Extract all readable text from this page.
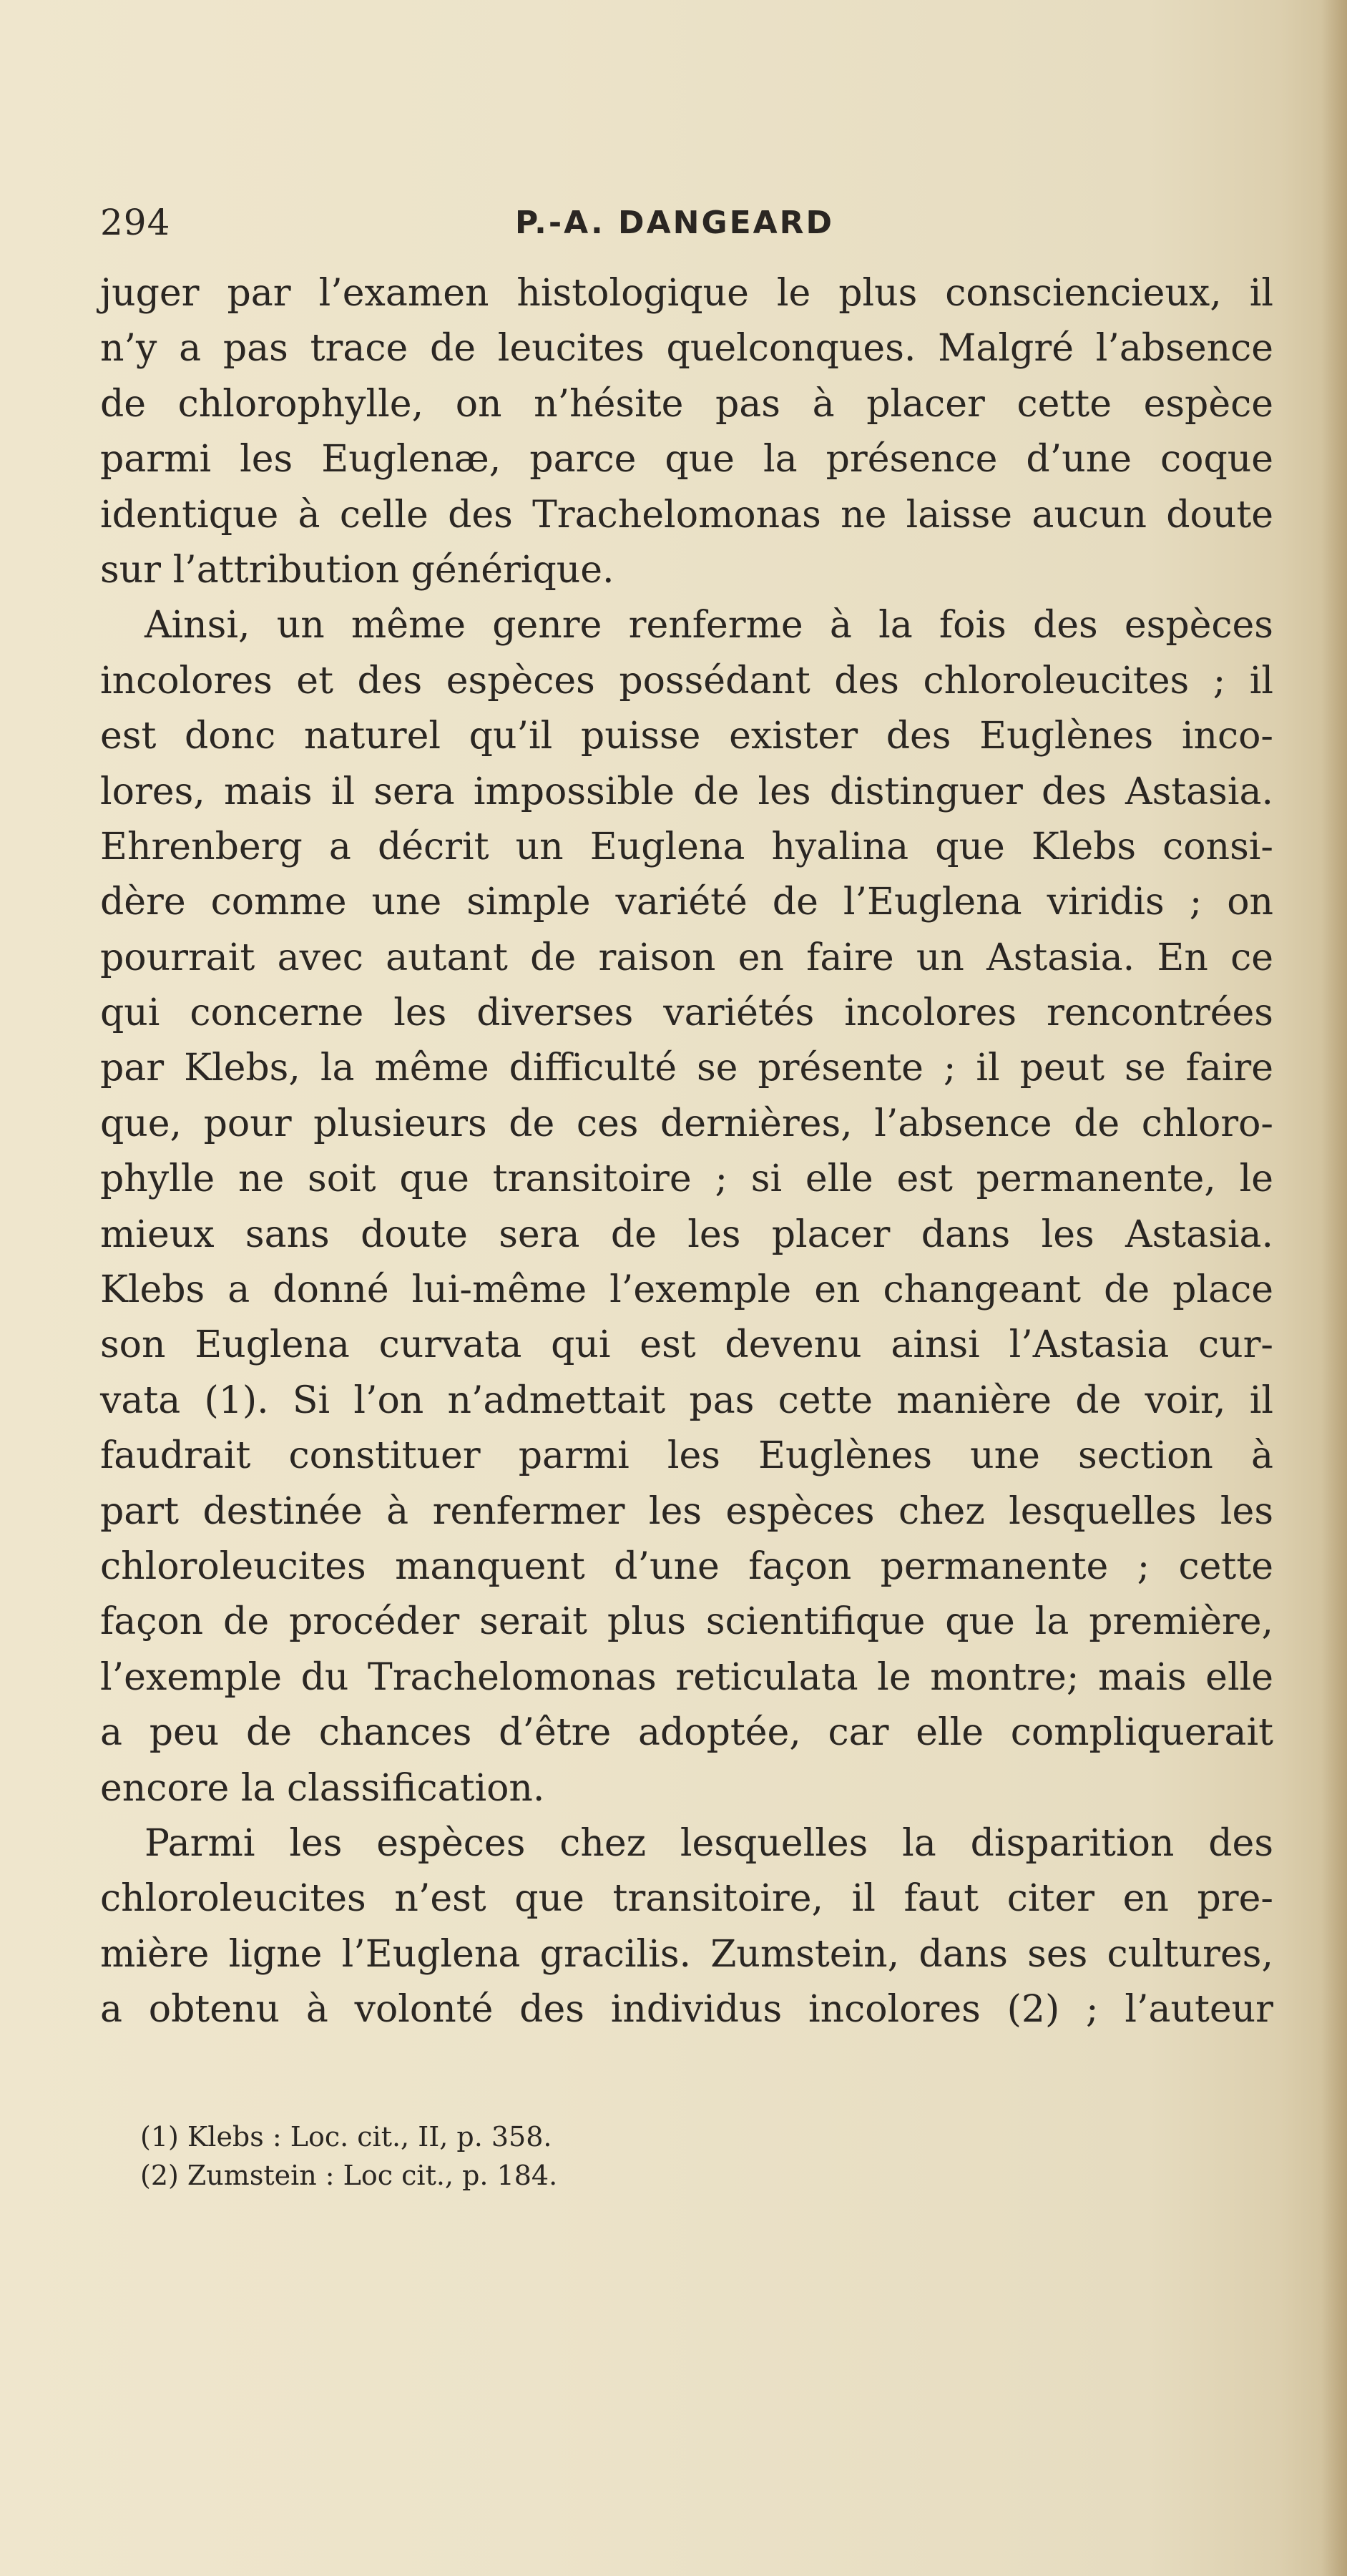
294	P.-A. DANGEARD
juger par l’examen histologique le plus consciencieux, il
n’y a pas trace de leucites quelconques. Malgré l’absence
de chlorophylle, on n’hésite pas à placer cette espèce
parmi les Euglenæ, parce que la présence d’une coque
identique à celle des Trachelomonas ne laisse aucun doute
sur l’attribution générique.
Ainsi, un même genre renferme à la fois des espèces
incolores et des espèces possédant des chloroleucites ; il
est donc naturel qu’il puisse exister des Euglènes inco-
lores, mais il sera impossible de les distinguer des Astasia.
Ehrenberg a décrit un Euglena hyalina que Klebs consi-
dère comme une simple variété de l’Euglena viridis ; on
pourrait avec autant de raison en faire un Astasia. En ce
qui concerne les diverses variétés incolores rencontrées
par Klebs, la même difficulté se présente ; il peut se faire
que, pour plusieurs de ces dernières, l’absence de chloro-
phylle ne soit que transitoire ; si elle est permanente, le
mieux sans doute sera de les placer dans les Astasia.
Klebs a donné lui-même l’exemple en changeant de place
son Euglena curvata qui est devenu ainsi l’Astasia cur-
vata (1). Si l’on n’admettait pas cette manière de voir, il
faudrait constituer parmi les Euglènes une section à
part destinée à renfermer les espèces chez lesquelles les
chloroleucites manquent d’une façon permanente ; cette
façon de procéder serait plus scientifique que la première,
l’exemple du Trachelomonas reticulata le montre; mais elle
a peu de chances d’être adoptée, car elle compliquerait
encore la classification.
Parmi les espèces chez lesquelles la disparition des
chloroleucites n’est que transitoire, il faut citer en pre-
mière ligne l’Euglena gracilis. Zumstein, dans ses cultures,
a obtenu à volonté des individus incolores (2) ; l’auteur
(1) Klebs : Loc. cit., II, p. 358.
(2) Zumstein : Loc cit., p. 184.
